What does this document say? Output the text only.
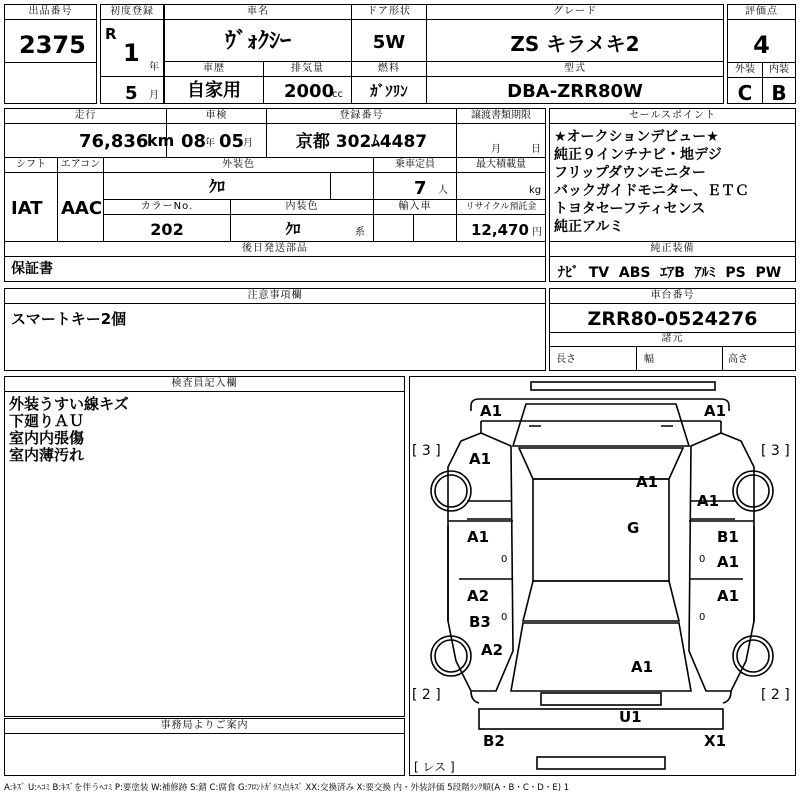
出品番号
2375
初度登録
R
1
年
5 月
車名
ｳﾞｫｸｼｰ
ドア形状
5W
グレード
ZS キラメキ2
評価点
4
外装	内装
C B
車歴
自家用
排気量
2000
cc
燃料
ｶﾞｿﾘﾝ
型式
DBA-ZRR80W
走行
76,836
km
車検
08
年 05
月
登録番号
京都 302ﾑ4487
譲渡書類期限
月	日
シフト	エアコン
IAT AAC
外装色
ｸﾛ
乗車定員
7 人
最大積載量
kg
カラーNo.
202
内装色
ｸﾛ	系
輸入車	リサイクル預託金
12,470 円
後日発送部品
保証書
セールスポイント
★オークションデビュー★
純正９インチナビ・地デジ
フリップダウンモニター
バックガイドモニター、ＥＴＣ
トヨタセーフティセンス
純正アルミ
純正装備
ﾅﾋﾞ TV ABS ｴｱB ｱﾙﾐ PS PW
注意事項欄
スマートキー2個
車台番号
ZRR80-0524276
諸元
長さ	幅	高さ
検査員記入欄
外装うすい線キズ
下廻りＡＵ
室内内張傷
室内薄汚れ
事務局よりご案内
A1	A1
A1
A1
A1
G
A1	B1
A1
A2
B3
A1
A2
A1
U1
B2	X1
0	0
0	0
[ 3 ]	[ 3 ]
[ 2 ]	[ 2 ]
[ レス ]
A:ｷｽﾞ U:ﾍｺﾐ B:ｷｽﾞを伴うﾍｺﾐ P:要塗装 W:補修跡 S:錆 C:腐食 G:ﾌﾛﾝﾄｶﾞﾗｽ点ｷｽﾞ XX:交換済み X:要交換 内・外装評価 5段階ﾗﾝｸ順(A・B・C・D・E) 1
